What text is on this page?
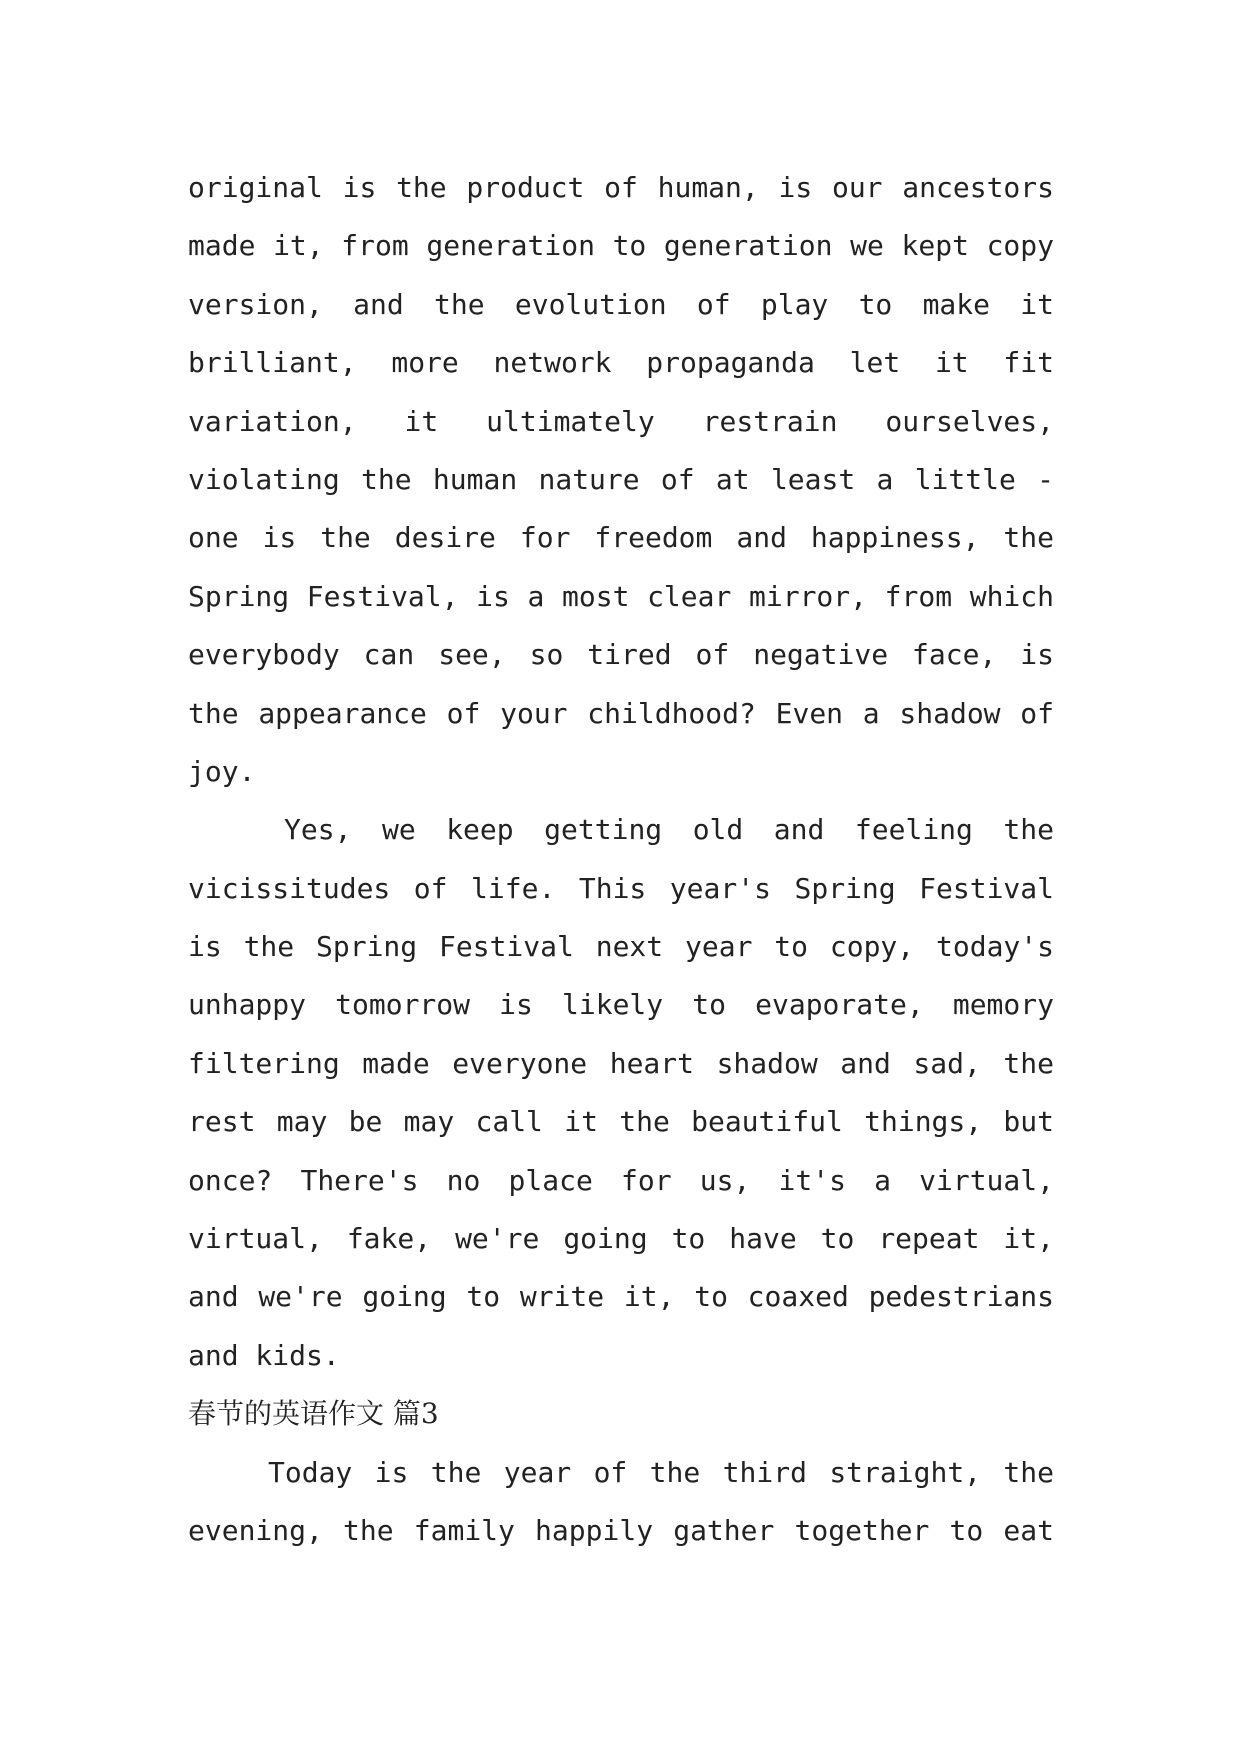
original is the product of human, is our ancestors
made it, from generation to generation we kept copy
version, and the evolution of play to make it
brilliant, more network propaganda let it fit
variation, it ultimately restrain ourselves,
violating the human nature of at least a little -
one is the desire for freedom and happiness, the
Spring Festival, is a most clear mirror, from which
everybody can see, so tired of negative face, is
the appearance of your childhood? Even a shadow of
joy.
Yes, we keep getting old and feeling the
vicissitudes of life. This year's Spring Festival
is the Spring Festival next year to copy, today's
unhappy tomorrow is likely to evaporate, memory
filtering made everyone heart shadow and sad, the
rest may be may call it the beautiful things, but
once? There's no place for us, it's a virtual,
virtual, fake, we're going to have to repeat it,
and we're going to write it, to coaxed pedestrians
and kids.
春节的英语作文 篇3
Today is the year of the third straight, the
evening, the family happily gather together to eat
